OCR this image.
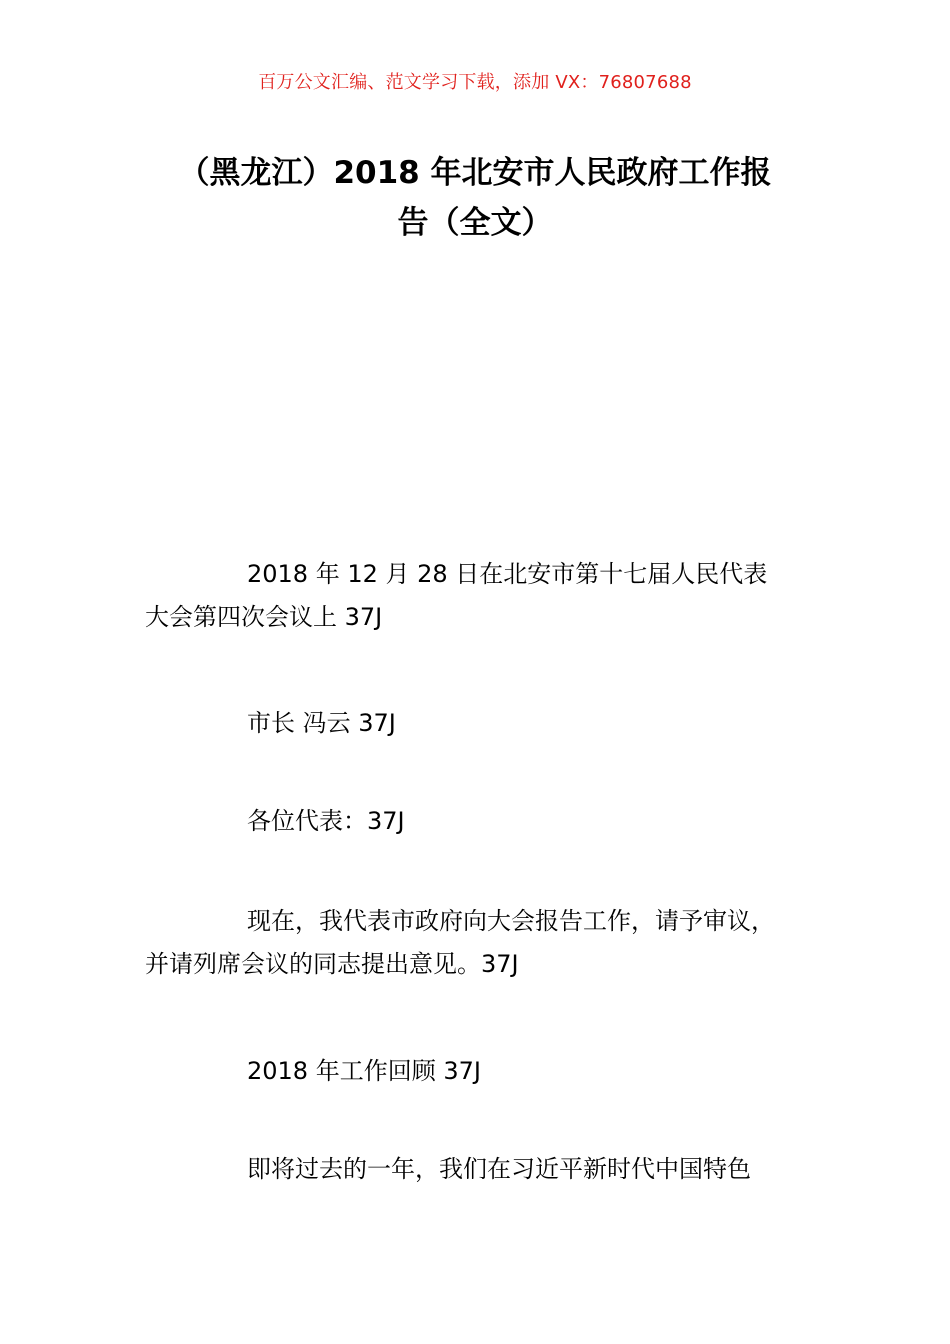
百万公文汇编、范文学习下载，添加 VX：76807688
（黑龙江）2018 年北安市人民政府工作报
告（全文）
2018 年 12 月 28 日在北安市第十七届人民代表
大会第四次会议上 37J
市长 冯云 37J
各位代表：37J
现在，我代表市政府向大会报告工作，请予审议，
并请列席会议的同志提出意见。37J
2018 年工作回顾 37J
即将过去的一年，我们在习近平新时代中国特色
